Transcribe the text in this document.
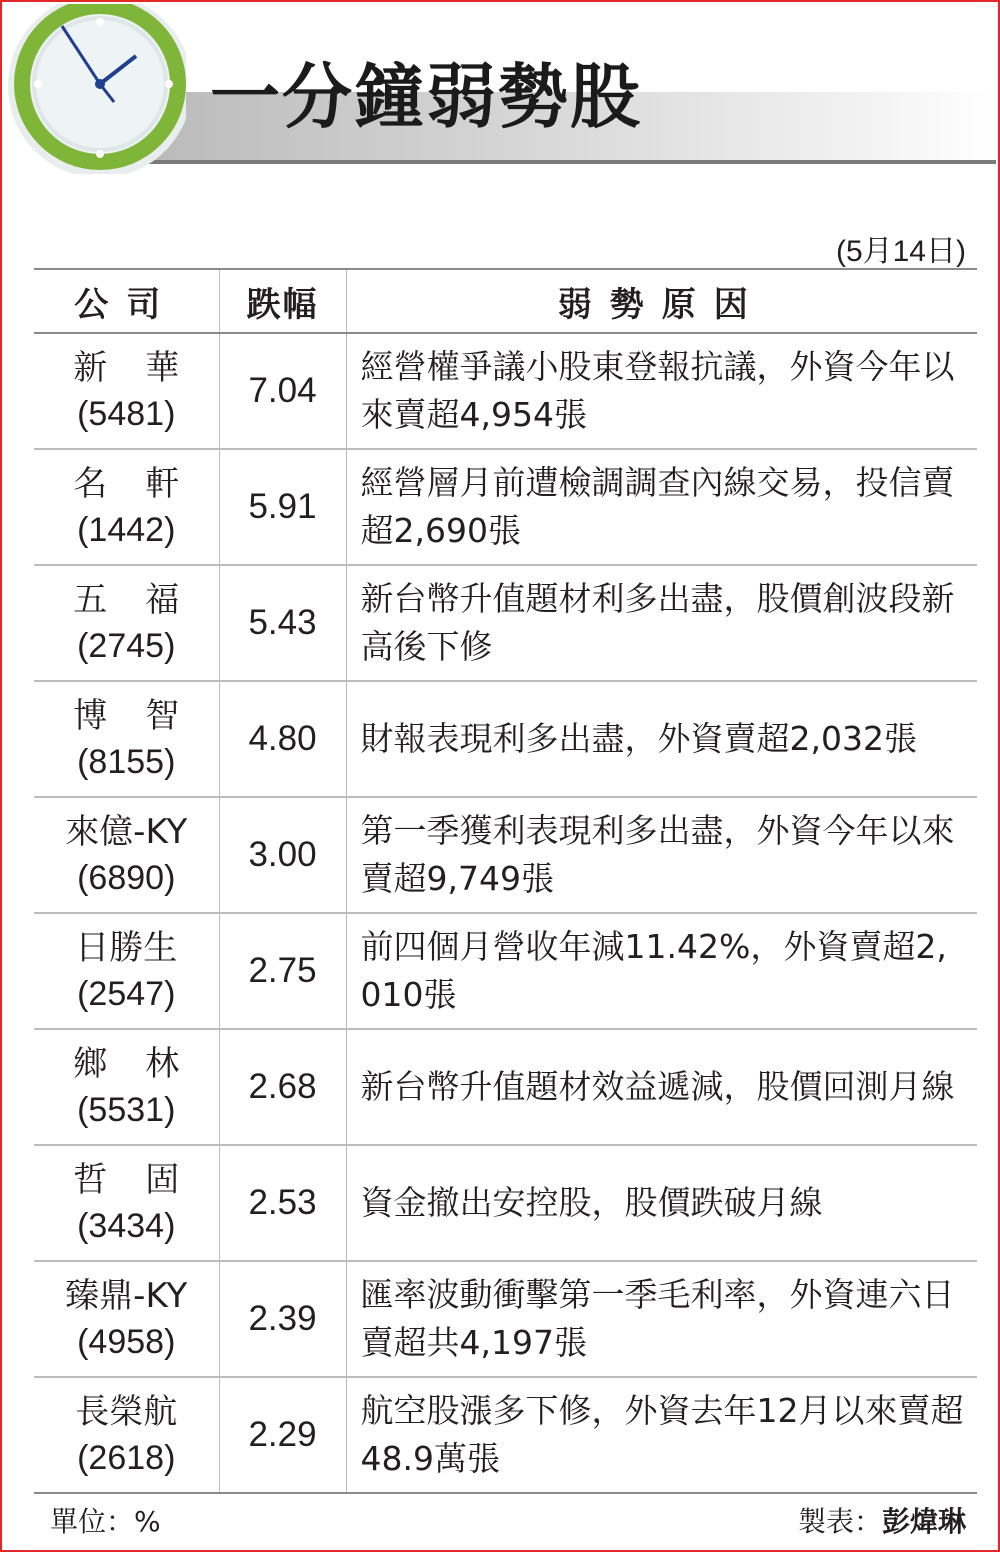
一分鐘弱勢股
(5月14日)
公司	跌幅	弱勢原因

新華
(5481)	7.04	經營權爭議小股東登報抗議，外資今年以來賣超4,954張

名軒
(1442)	5.91	經營層月前遭檢調調查內線交易，投信賣超2,690張

五福
(2745)	5.43	新台幣升值題材利多出盡，股價創波段新高後下修

博智
(8155)	4.80	財報表現利多出盡，外資賣超2,032張

來億-KY
(6890)	3.00	第一季獲利表現利多出盡，外資今年以來賣超9,749張

日勝生
(2547)	2.75	前四個月營收年減11.42%，外資賣超2,010張

鄉林
(5531)	2.68	新台幣升值題材效益遞減，股價回測月線

哲固
(3434)	2.53	資金撤出安控股，股價跌破月線

臻鼎-KY
(4958)	2.39	匯率波動衝擊第一季毛利率，外資連六日賣超共4,197張

長榮航
(2618)	2.29	航空股漲多下修，外資去年12月以來賣超48.9萬張
單位：%	製表：彭煒琳
